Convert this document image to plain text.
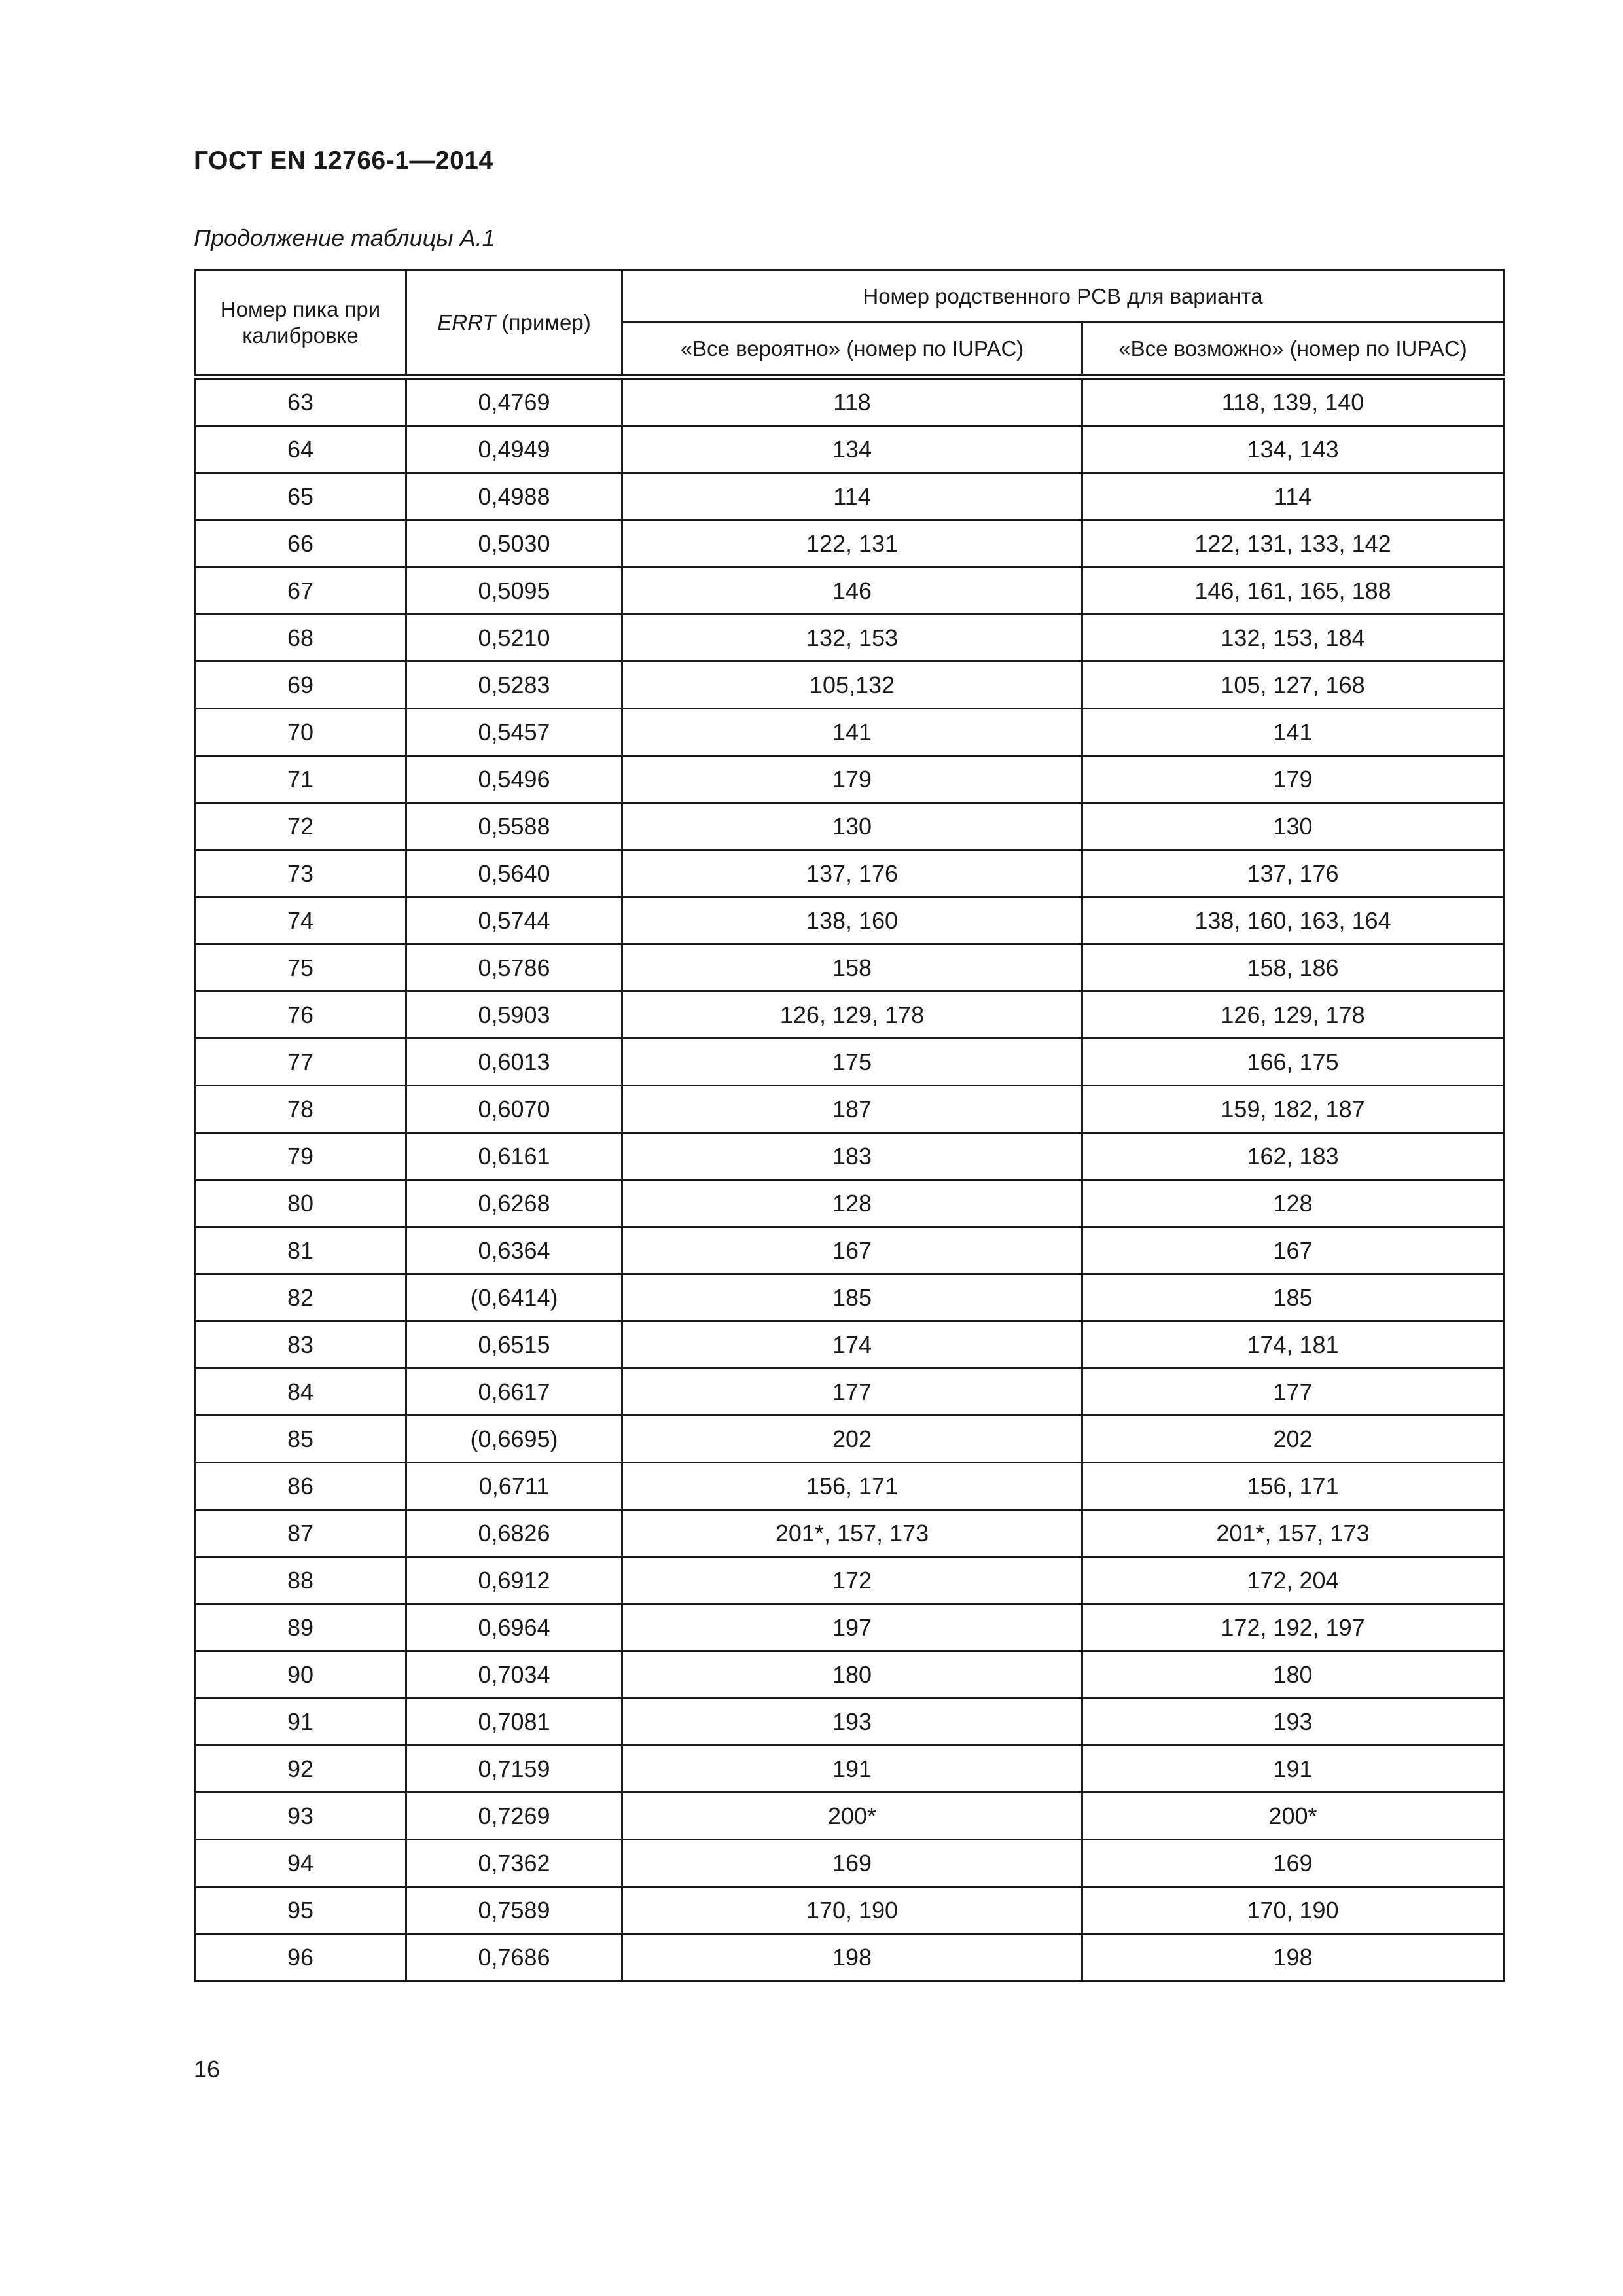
ГОСТ EN 12766-1—2014
Продолжение таблицы А.1
Номер пика при калибровке	ERRT (пример)	Номер родственного PCB для варианта	
		«Все вероятно» (номер по IUPAC)	«Все возможно» (номер по IUPAC)
63	0,4769	118	118, 139, 140
64	0,4949	134	134, 143
65	0,4988	114	114
66	0,5030	122, 131	122, 131, 133, 142
67	0,5095	146	146, 161, 165, 188
68	0,5210	132, 153	132, 153, 184
69	0,5283	105,132	105, 127, 168
70	0,5457	141	141
71	0,5496	179	179
72	0,5588	130	130
73	0,5640	137, 176	137, 176
74	0,5744	138, 160	138, 160, 163, 164
75	0,5786	158	158, 186
76	0,5903	126, 129, 178	126, 129, 178
77	0,6013	175	166, 175
78	0,6070	187	159, 182, 187
79	0,6161	183	162, 183
80	0,6268	128	128
81	0,6364	167	167
82	(0,6414)	185	185
83	0,6515	174	174, 181
84	0,6617	177	177
85	(0,6695)	202	202
86	0,6711	156, 171	156, 171
87	0,6826	201*, 157, 173	201*, 157, 173
88	0,6912	172	172, 204
89	0,6964	197	172, 192, 197
90	0,7034	180	180
91	0,7081	193	193
92	0,7159	191	191
93	0,7269	200*	200*
94	0,7362	169	169
95	0,7589	170, 190	170, 190
96	0,7686	198	198
16
